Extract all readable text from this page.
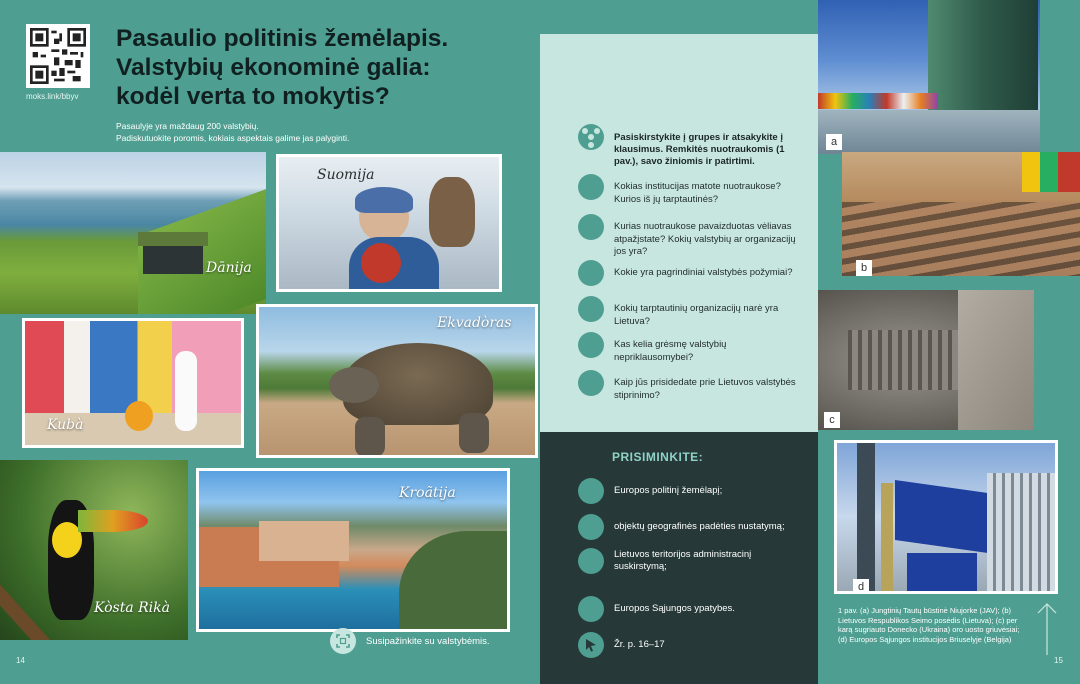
moks.link/bbyv
Pasaulio politinis žemėlapis.
Valstybių ekonominė galia:
kodėl verta to mokytis?
Pasaulyje yra maždaug 200 valstybių.
Padiskutuokite poromis, kokiais aspektais galime jas palyginti.
Dānija
Suomija
Kubà
Ekvadòras
Kòsta Rikà
Kroãtija
Susipažinkite su valstybėmis.
14
Pasiskirstykite į grupes ir atsakykite į klausimus. Remkitės nuotraukomis (1 pav.), savo žiniomis ir patirtimi.
Kokias institucijas matote nuotraukose? Kurios iš jų tarptautinės?
Kurias nuotraukose pavaizduotas vėliavas atpažįstate? Kokių valstybių ar organizacijų jos yra?
Kokie yra pagrindiniai valstybės požymiai?
Kokių tarptautinių organizacijų narė yra Lietuva?
Kas kelia grėsmę valstybių nepriklausomybei?
Kaip jūs prisidedate prie Lietuvos valstybės stiprinimo?
PRISIMINKITE:
Europos politinį žemėlapį;
objektų geografinės padėties nustatymą;
Lietuvos teritorijos administracinį suskirstymą;
Europos Sąjungos ypatybes.
Žr. p. 16–17
a
b
c
d
1 pav. (a) Jungtinių Tautų būstinė Niujorke (JAV); (b) Lietuvos Respublikos Seimo posėdis (Lietuva); (c) per karą sugriauto Donecko (Ukraina) oro uosto griuvėsiai; (d) Europos Sąjungos institucijos Briuselyje (Belgija)
15
